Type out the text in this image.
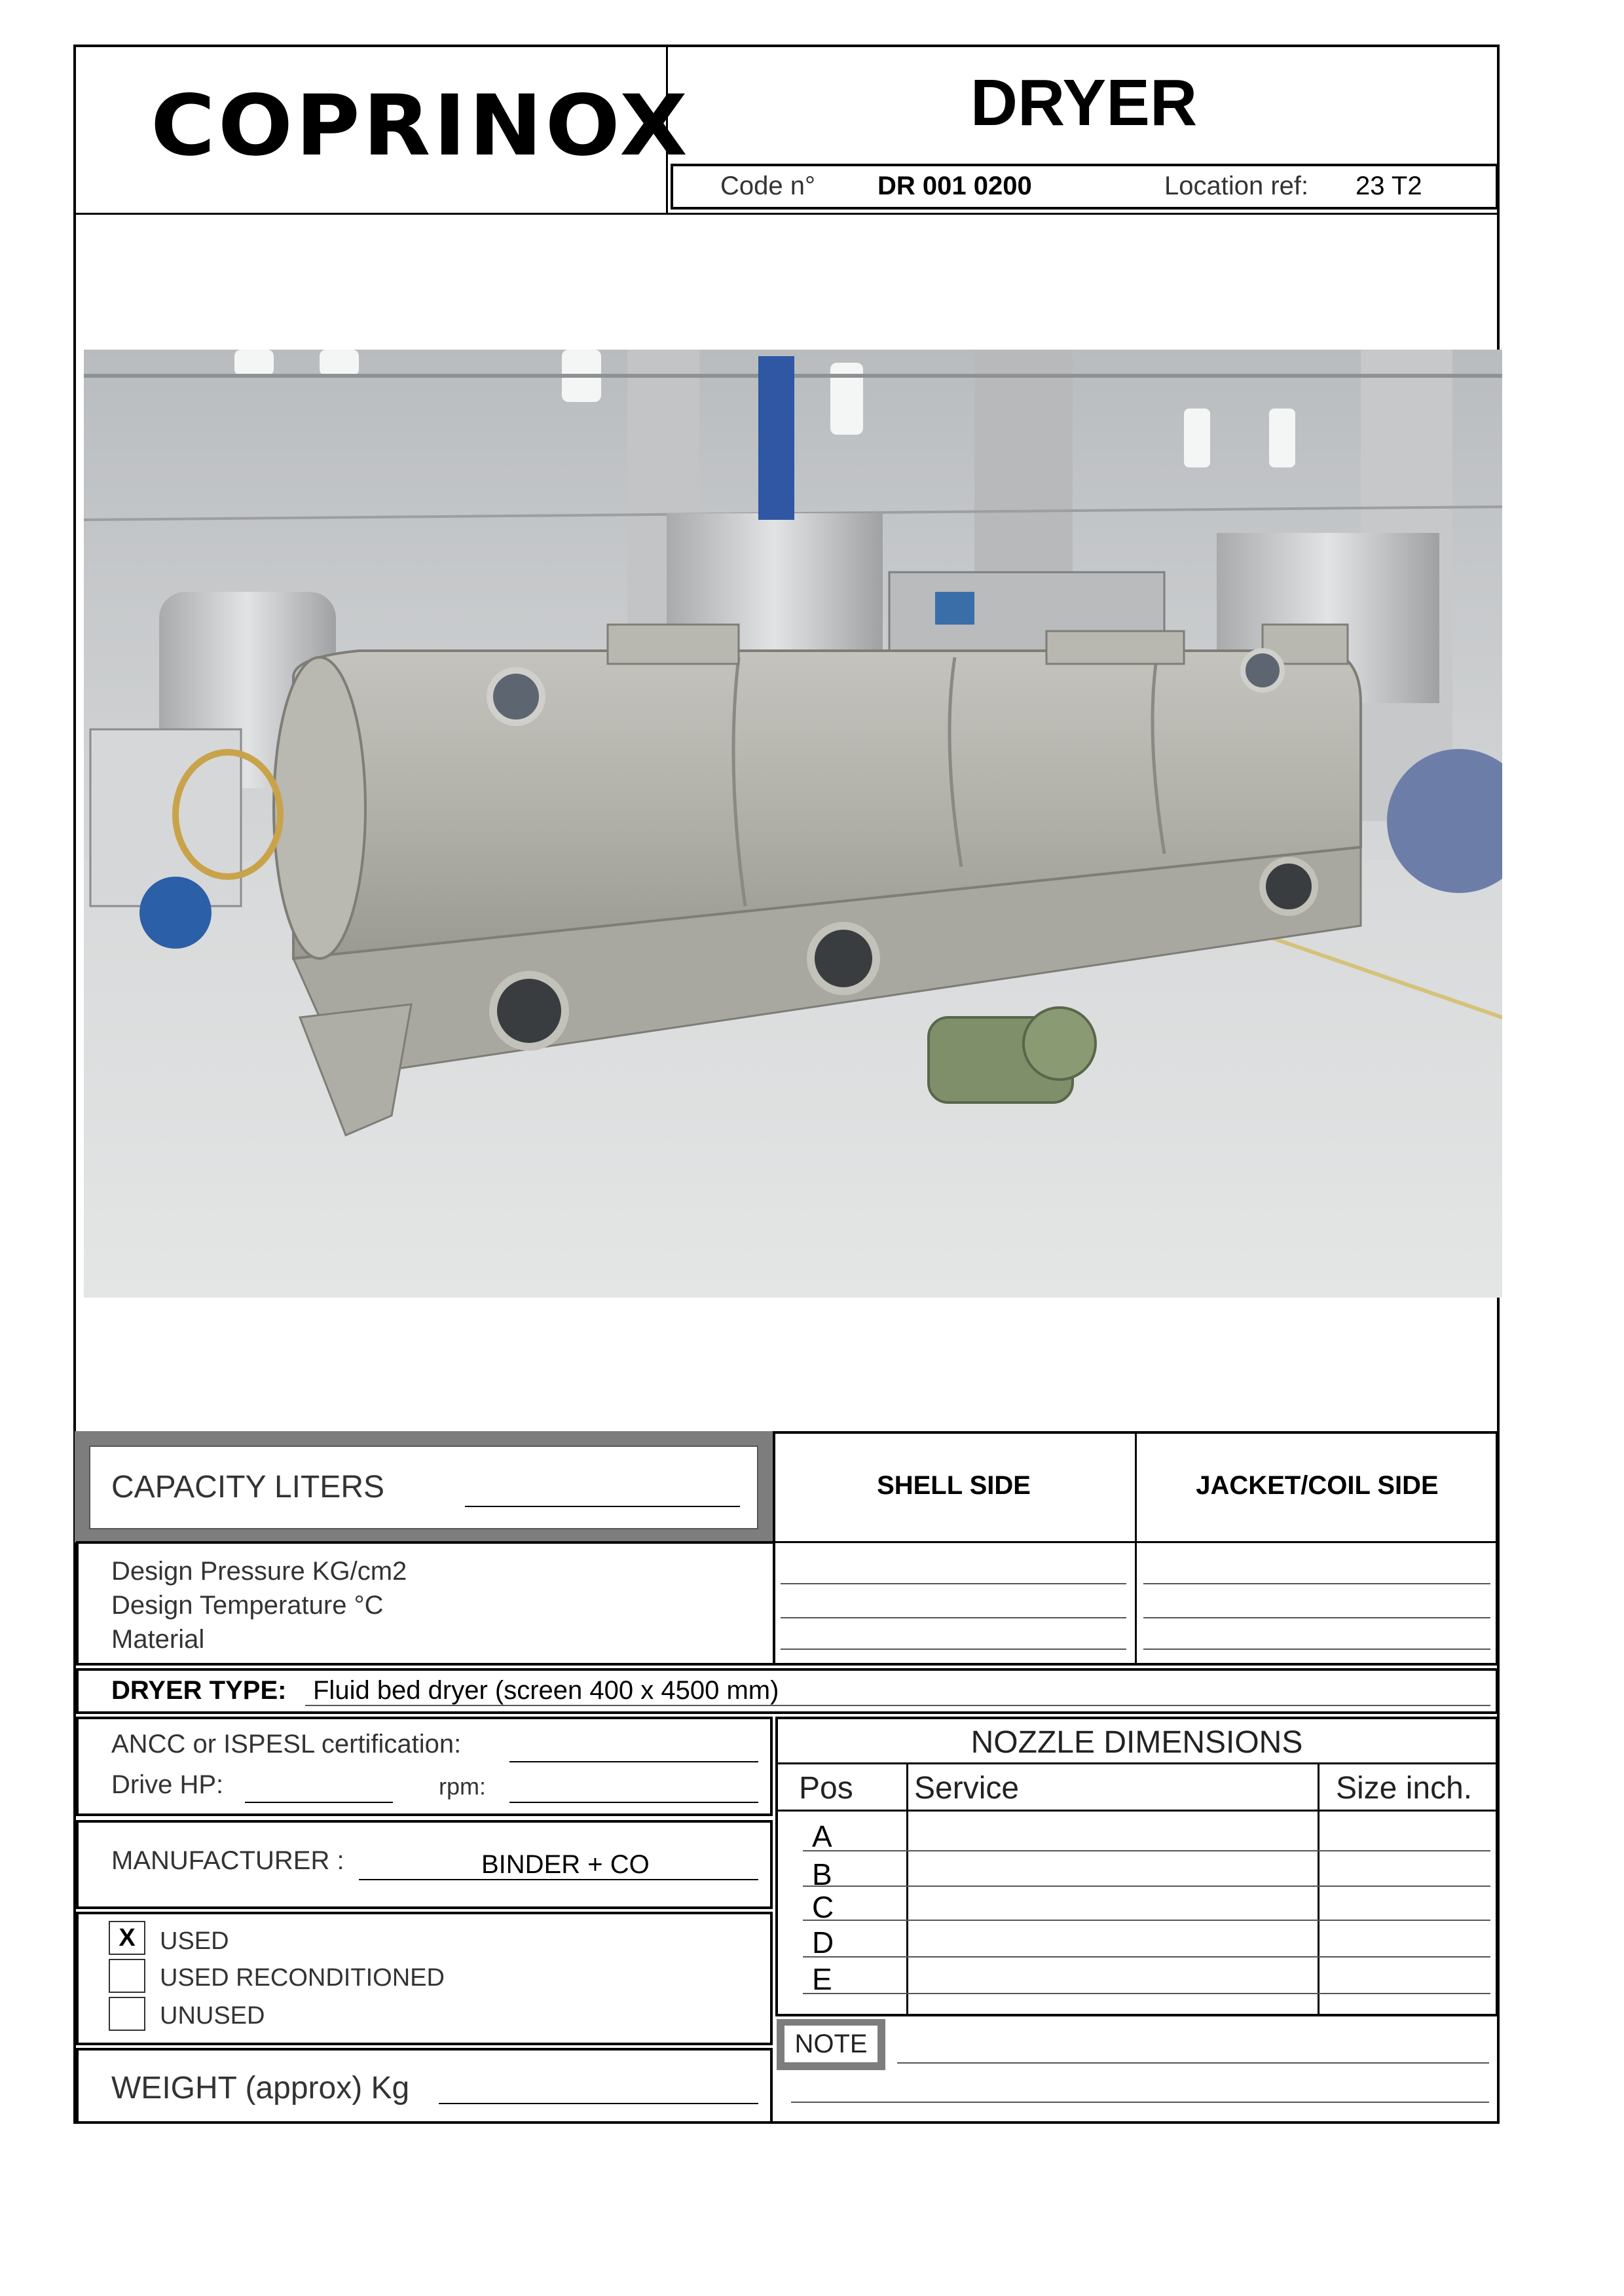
COPRINOX	DRYER
Code n° DR 001 0200	Location ref: 23 T2
CAPACITY LITERS	SHELL SIDE	JACKET/COIL SIDE
Design Pressure KG/cm2
Design Temperature °C
Material
DRYER TYPE: Fluid bed dryer (screen 400 x 4500 mm)
ANCC or ISPESL certification:
Drive HP:	rpm:
MANUFACTURER :	BINDER + CO
X USED
USED RECONDITIONED
UNUSED
WEIGHT (approx) Kg
NOZZLE DIMENSIONS
Pos Service	Size inch.
A
B
C
D
E
NOTE
